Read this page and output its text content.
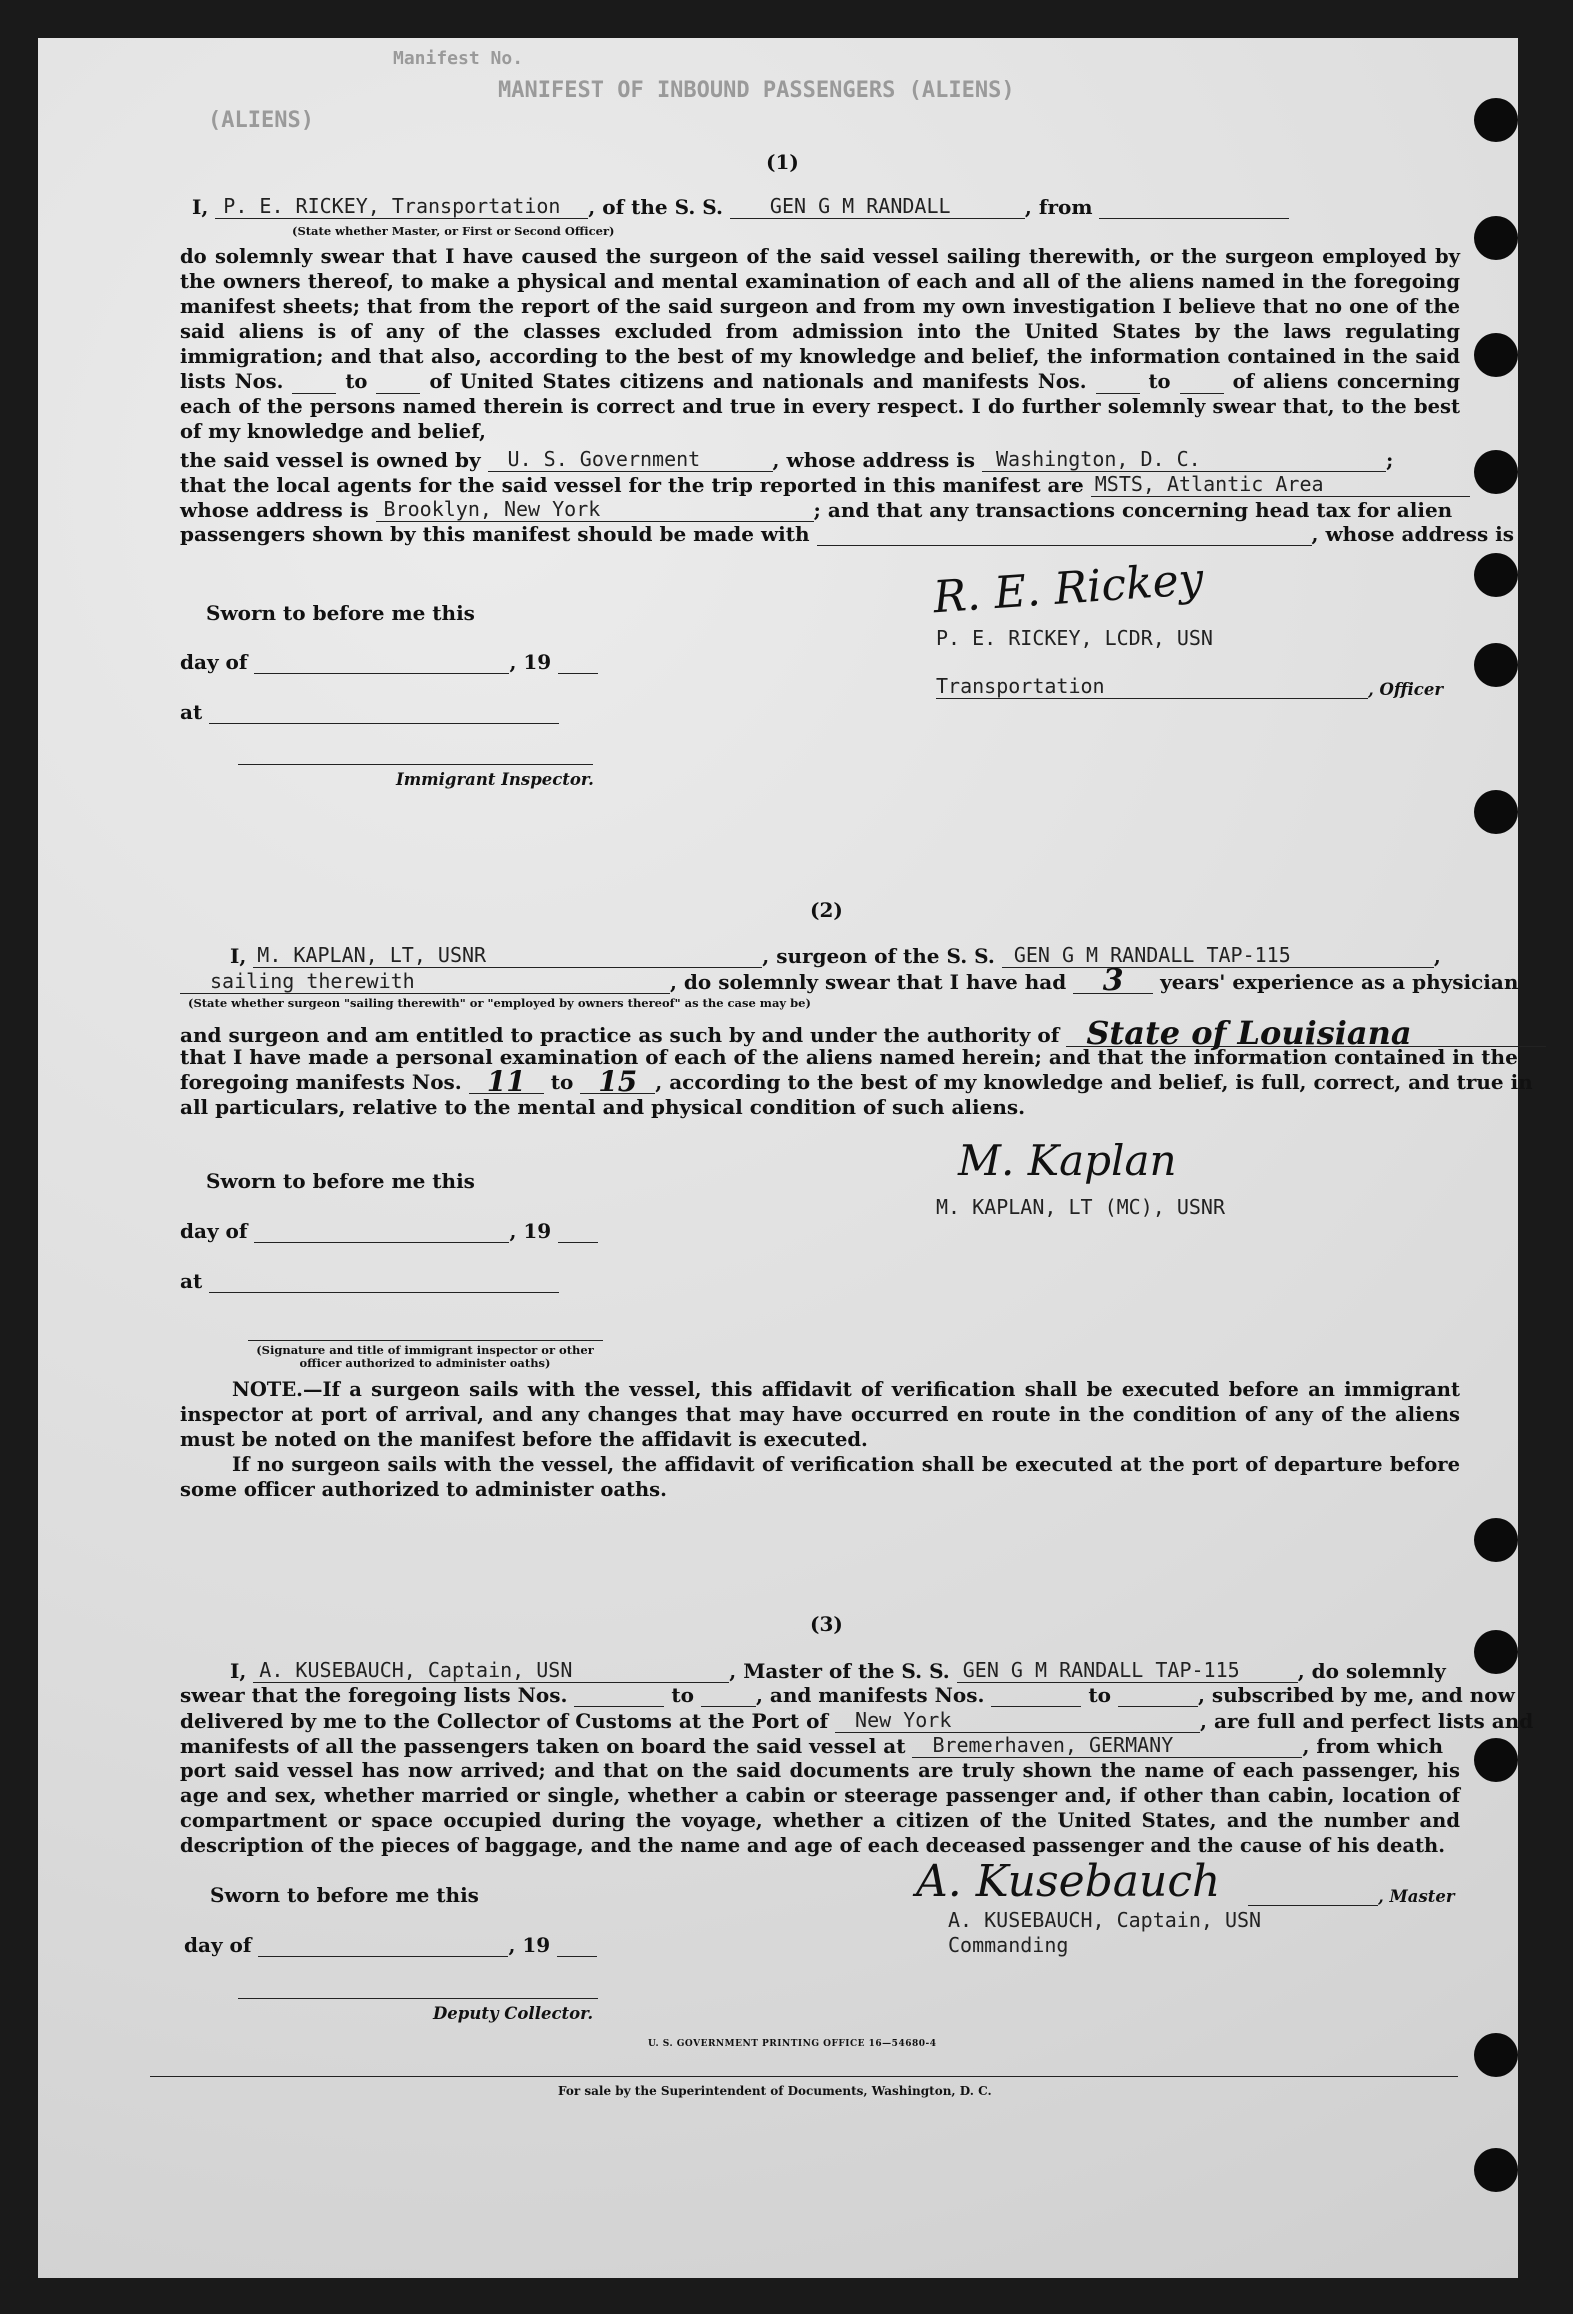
Manifest No.
(ALIENS)
MANIFEST OF INBOUND PASSENGERS (ALIENS)
(1)
I, P. E. RICKEY, Transportation , of the S. S. GEN G M RANDALL	, from
(State whether Master, or First or Second Officer)
do solemnly swear that I have caused the surgeon of the said vessel sailing therewith, or the surgeon employed by the owners thereof, to make a physical and mental examination of each and all of the aliens named in the foregoing manifest sheets; that from the report of the said surgeon and from my own investigation I believe that no one of the said aliens is of any of the classes excluded from admission into the United States by the laws regulating immigration; and that also, according to the best of my knowledge and belief, the information contained in the said lists Nos.	to	of United States citizens and nationals and manifests Nos.	to	of aliens concerning each of the persons named therein is correct and true in every respect. I do further solemnly swear that, to the best of my knowledge and belief,
the said vessel is owned by U. S. Government	, whose address is Washington, D. C.	;
that the local agents for the said vessel for the trip reported in this manifest are MSTS, Atlantic Area
whose address is Brooklyn, New York	; and that any transactions concerning head tax for alien
passengers shown by this manifest should be made with	, whose address is
Sworn to before me this
day of	, 19
at
Immigrant Inspector.
R. E. Rickey
P. E. RICKEY, LCDR, USN
Transportation	, Officer
(2)
I, M. KAPLAN, LT, USNR	, surgeon of the S. S. GEN G M RANDALL TAP-115	,
sailing therewith	, do solemnly swear that I have had 3 years' experience as a physician
(State whether surgeon "sailing therewith" or "employed by owners thereof" as the case may be)
and surgeon and am entitled to practice as such by and under the authority of State of Louisiana
that I have made a personal examination of each of the aliens named herein; and that the information contained in the
foregoing manifests Nos. 11 to 15 , according to the best of my knowledge and belief, is full, correct, and true in
all particulars, relative to the mental and physical condition of such aliens.
Sworn to before me this
day of	, 19
at
(Signature and title of immigrant inspector or other officer authorized to administer oaths)
M. Kaplan
M. KAPLAN, LT (MC), USNR
NOTE.—If a surgeon sails with the vessel, this affidavit of verification shall be executed before an immigrant inspector at port of arrival, and any changes that may have occurred en route in the condition of any of the aliens must be noted on the manifest before the affidavit is executed.
If no surgeon sails with the vessel, the affidavit of verification shall be executed at the port of departure before some officer authorized to administer oaths.
(3)
I, A. KUSEBAUCH, Captain, USN	, Master of the S. S. GEN G M RANDALL TAP-115	, do solemnly
swear that the foregoing lists Nos.	to	, and manifests Nos.	to	, subscribed by me, and now
delivered by me to the Collector of Customs at the Port of New York	, are full and perfect lists and
manifests of all the passengers taken on board the said vessel at Bremerhaven, GERMANY	, from which
port said vessel has now arrived; and that on the said documents are truly shown the name of each passenger, his age and sex, whether married or single, whether a cabin or steerage passenger and, if other than cabin, location of compartment or space occupied during the voyage, whether a citizen of the United States, and the number and description of the pieces of baggage, and the name and age of each deceased passenger and the cause of his death.
Sworn to before me this
day of	, 19
Deputy Collector.
A. Kusebauch	, Master
A. KUSEBAUCH, Captain, USN
Commanding
U. S. GOVERNMENT PRINTING OFFICE 16—54680-4
For sale by the Superintendent of Documents, Washington, D. C.
